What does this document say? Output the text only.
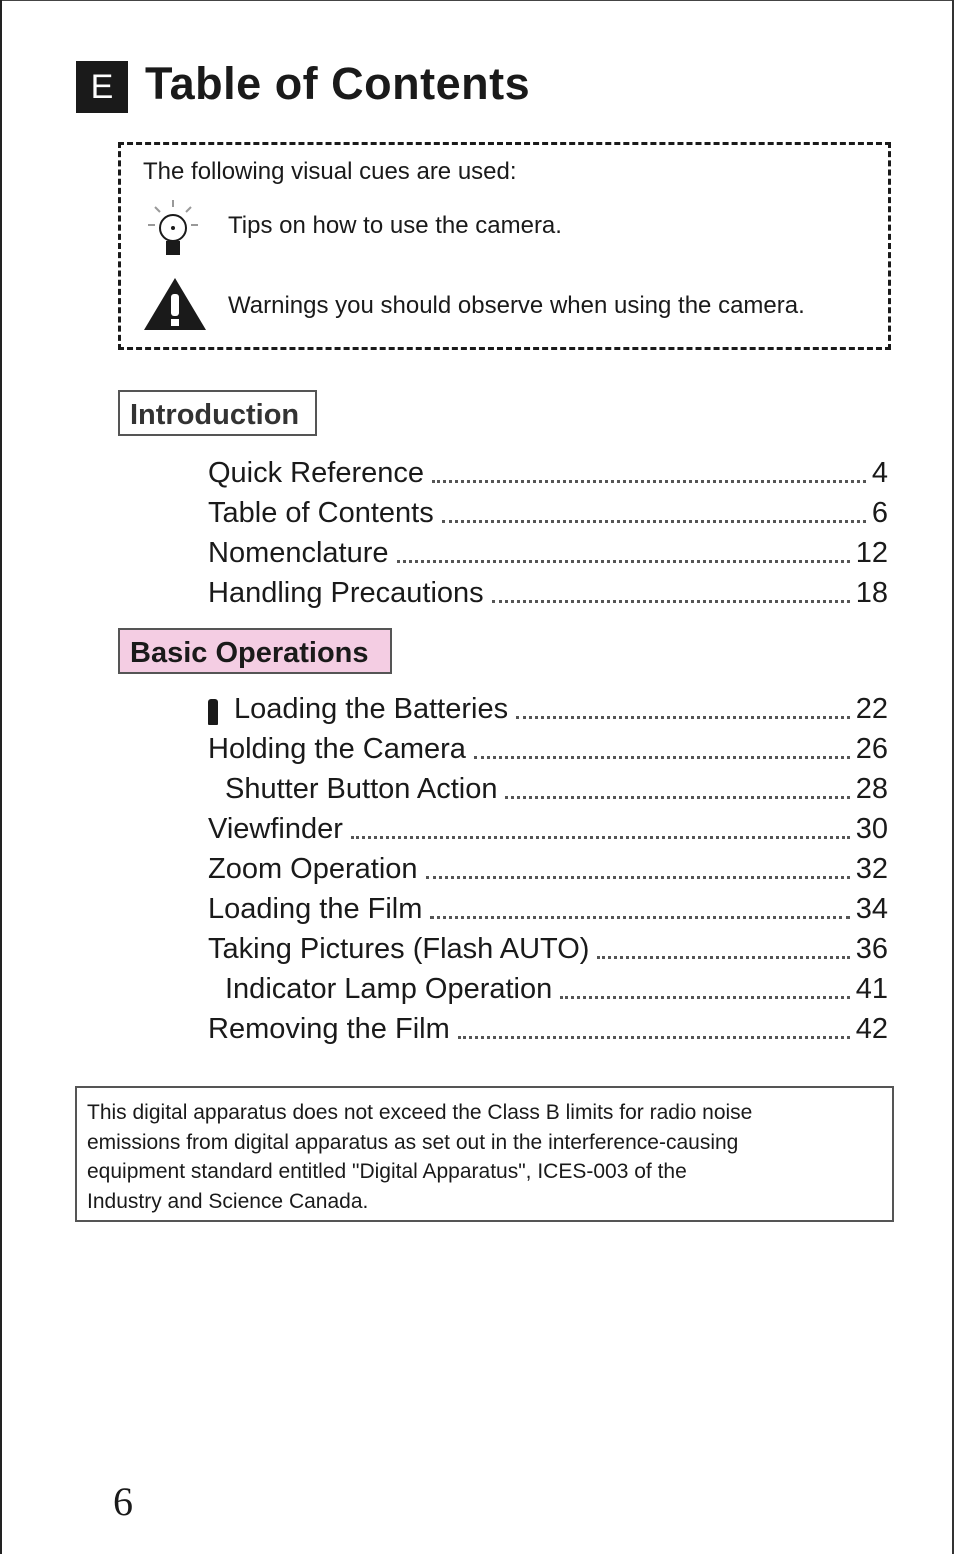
E Table of Contents
The following visual cues are used:
Tips on how to use the camera.
Warnings you should observe when using the camera.
Introduction
Quick Reference	4
Table of Contents	6
Nomenclature	12
Handling Precautions	18
Basic Operations
Loading the Batteries	22
Holding the Camera	26
Shutter Button Action	28
Viewfinder	30
Zoom Operation	32
Loading the Film	34
Taking Pictures (Flash AUTO)	36
Indicator Lamp Operation	41
Removing the Film	42
This digital apparatus does not exceed the Class B limits for radio noise
emissions from digital apparatus as set out in the interference-causing
equipment standard entitled "Digital Apparatus", ICES-003 of the
Industry and Science Canada.
6
